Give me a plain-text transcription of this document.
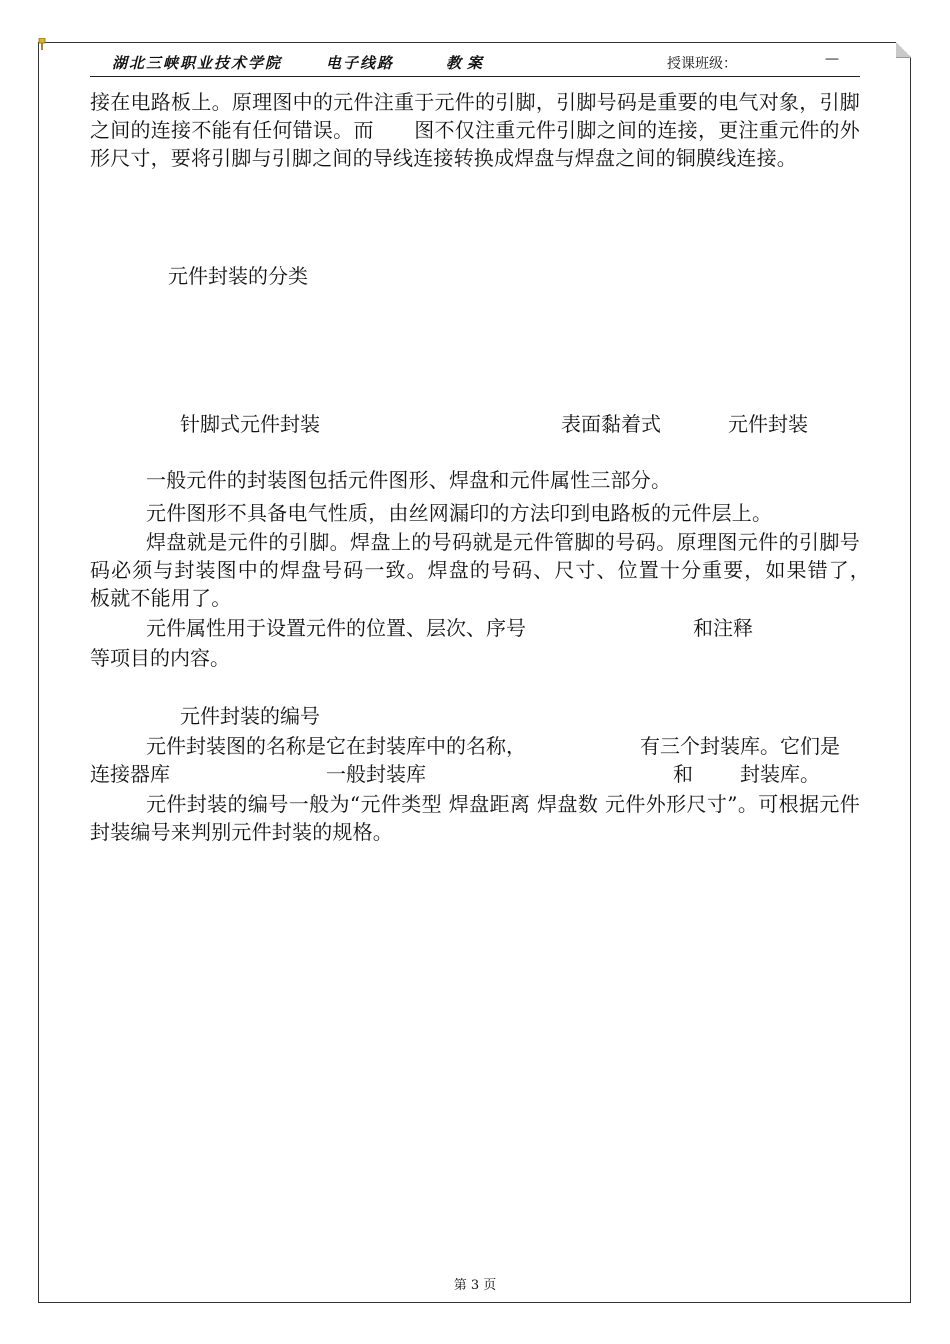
湖北三峡职业技术学院	电子线路	教案	授课班级：	—

接在电路板上。原理图中的元件注重于元件的引脚，引脚号码是重要的电气对象，引脚之间的连接不能有任何错误。而　　图不仅注重元件引脚之间的连接，更注重元件的外形尺寸，要将引脚与引脚之间的导线连接转换成焊盘与焊盘之间的铜膜线连接。

元件封装的分类
针脚式元件封装	表面黏着式	元件封装

一般元件的封装图包括元件图形、焊盘和元件属性三部分。

元件图形不具备电气性质，由丝网漏印的方法印到电路板的元件层上。

焊盘就是元件的引脚。焊盘上的号码就是元件管脚的号码。原理图元件的引脚号码必须与封装图中的焊盘号码一致。焊盘的号码、尺寸、位置十分重要，如果错了，　　板就不能用了。

元件属性用于设置元件的位置、层次、序号	和注释
等项目的内容。
元件封装的编号
元件封装图的名称是它在封装库中的名称，	有三个封装库。它们是
连接器库	一般封装库	和 封装库。

元件封装的编号一般为“元件类型 焊盘距离 焊盘数 元件外形尺寸”。可根据元件封装编号来判别元件封装的规格。

第 3 页
